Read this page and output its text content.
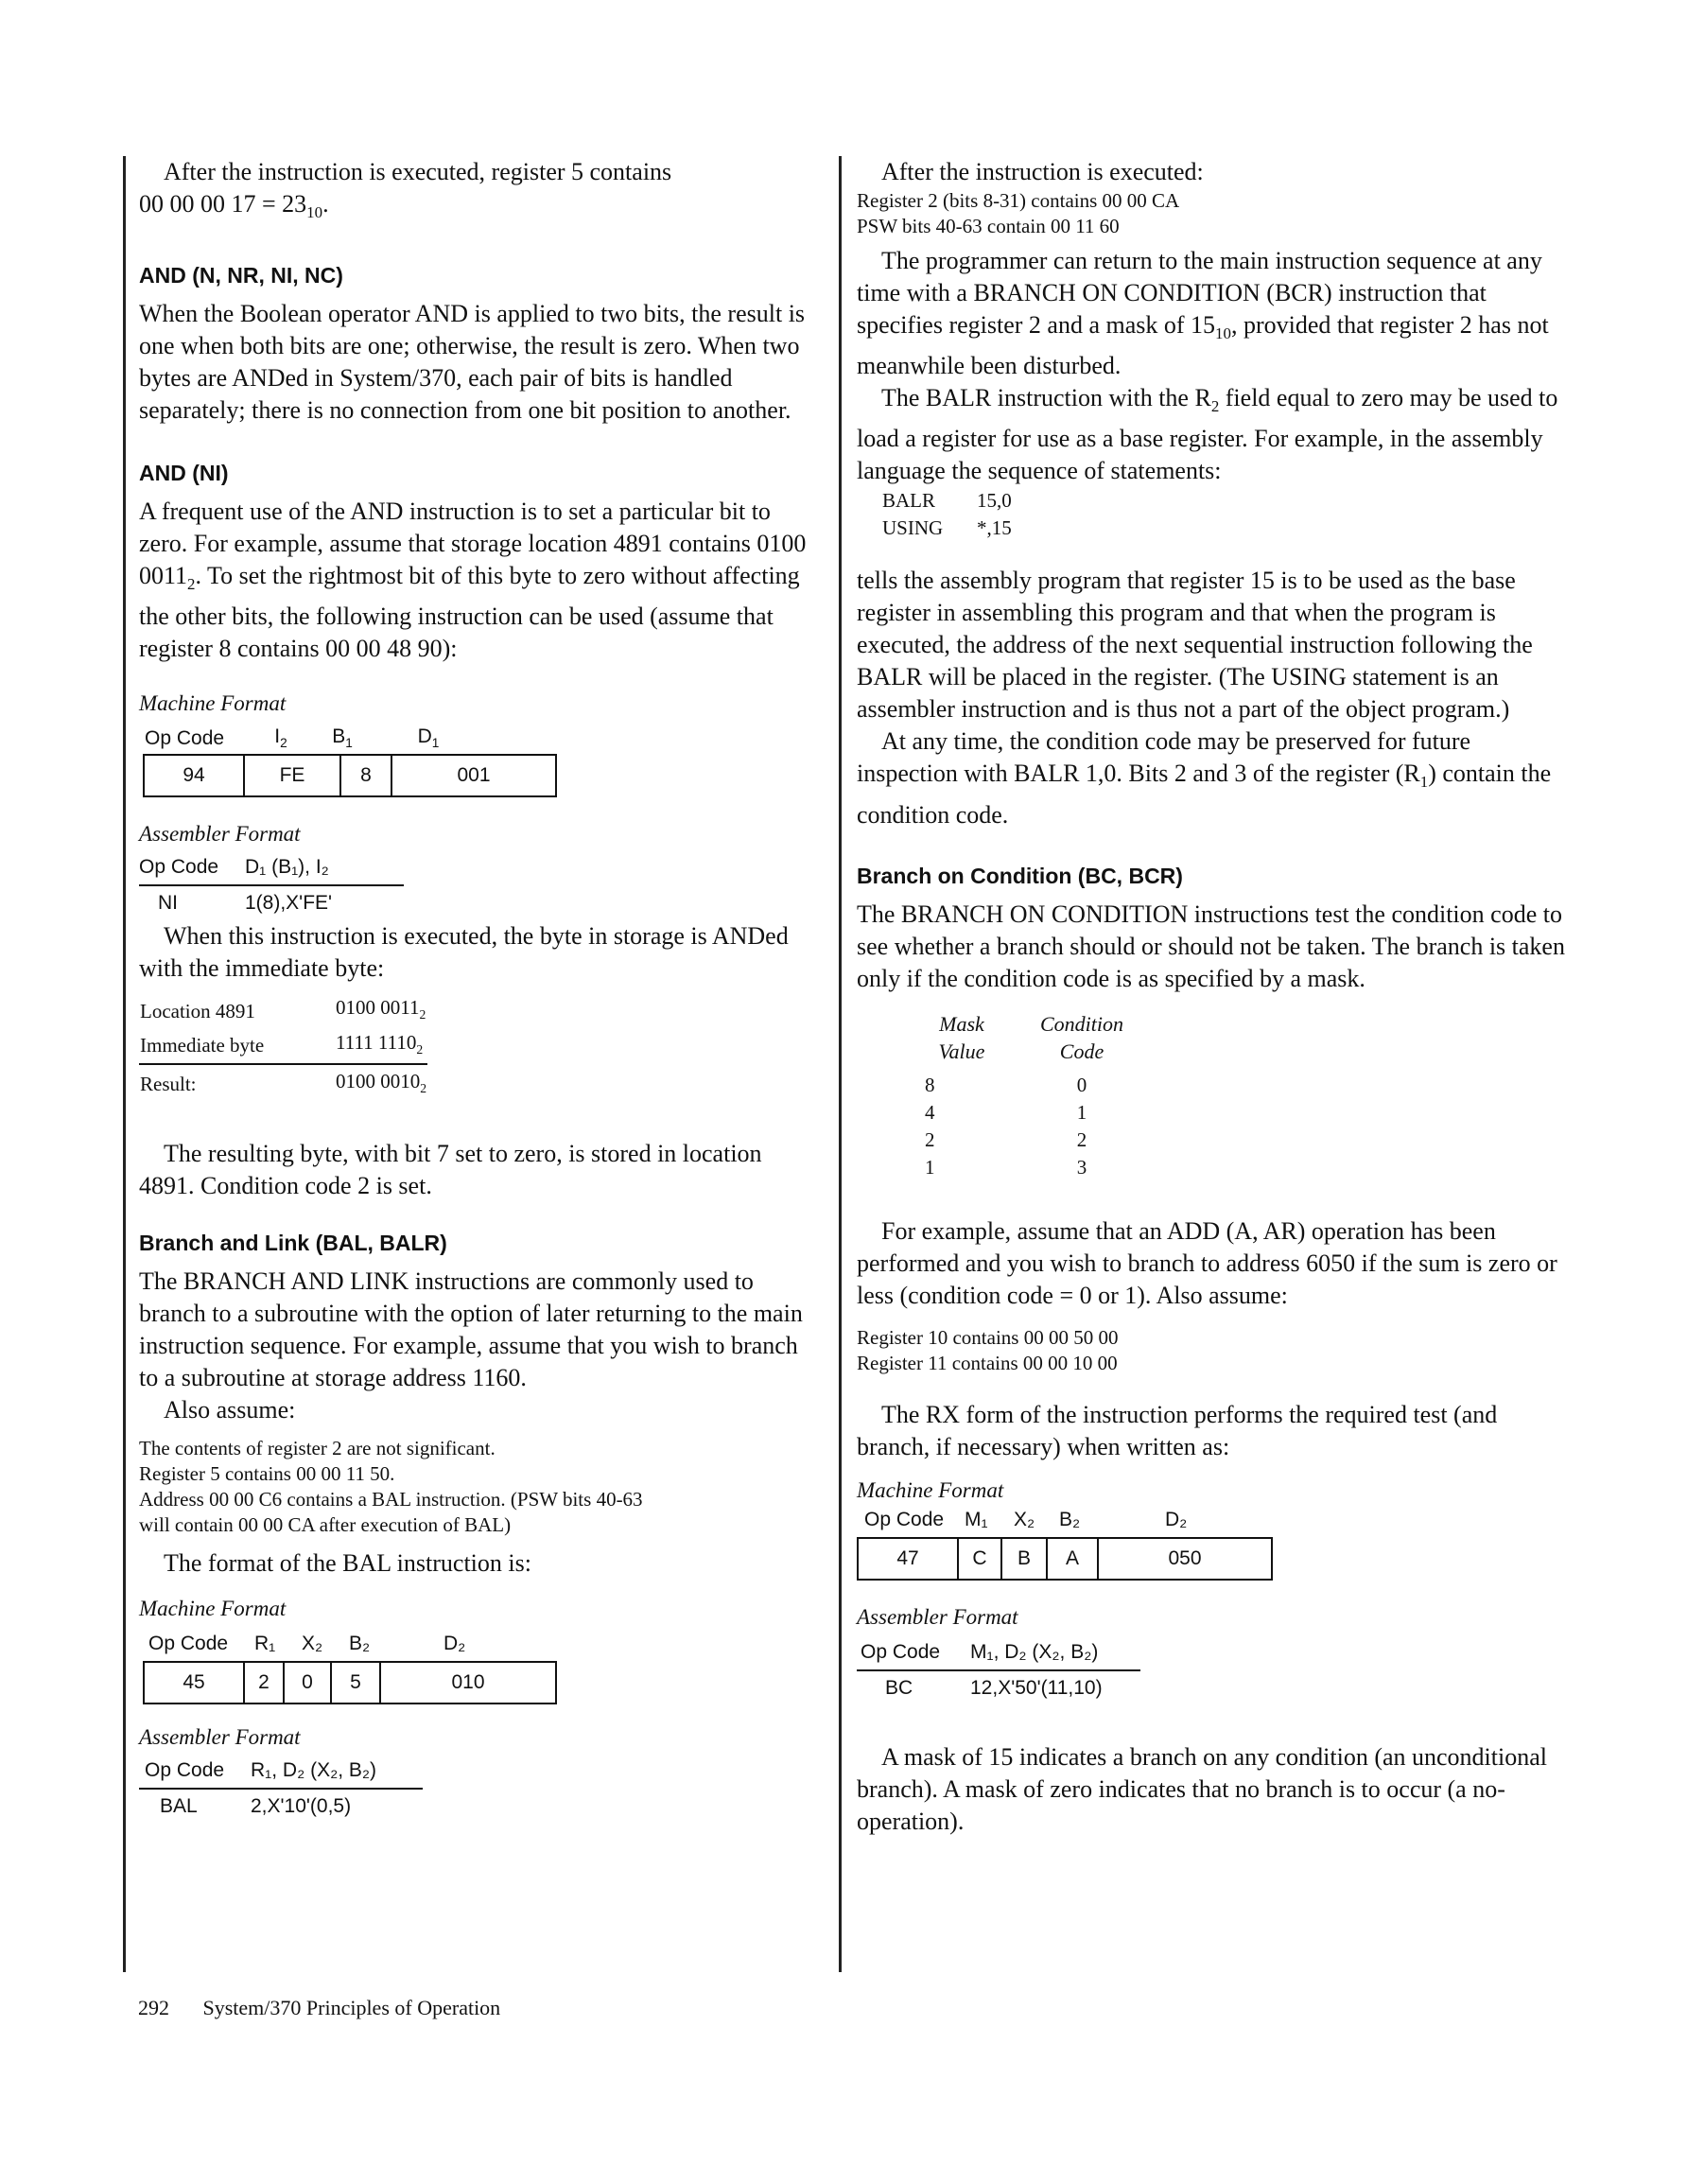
After the instruction is executed, register 5 contains

00 00 00 $17 = 23_{10}$.

AND (N, NR, NI, NC)

When the Boolean operator AND is applied to two bits, the result is one when both bits are one; otherwise, the result is zero. When two bytes are ANDed in System/370, each pair of bits is handled separately; there is no connection from one bit position to another.

AND (NI)

A frequent use of the AND instruction is to set a particular bit to zero. For example, assume that storage location 4891 contains 0100 $0011_2$. To set the rightmost bit of this byte to zero without affecting the other bits, the following instruction can be used (assume that register 8 contains 00 00 48 90):

Machine Format

Op Code	$I_2$	$B_1$	$D_1$
94	FE	8	001

Assembler Format

Op Code	D₁ (B₁), I₂
NI	1(8),X'FE'

When this instruction is executed, the byte in storage is ANDed with the immediate byte:

Location 4891	0100 $0011_2$
Immediate byte	1111 $1110_2$
Result:	0100 $0010_2$

The resulting byte, with bit 7 set to zero, is stored in location 4891. Condition code 2 is set.

Branch and Link (BAL, BALR)

The BRANCH AND LINK instructions are commonly used to branch to a subroutine with the option of later returning to the main instruction sequence. For example, assume that you wish to branch to a subroutine at storage address 1160.

Also assume:

The contents of register 2 are not significant.

Register 5 contains 00 00 11 50.

Address 00 00 C6 contains a BAL instruction. (PSW bits 40-63

will contain 00 00 CA after execution of BAL)

The format of the BAL instruction is:

Machine Format

Op Code	R₁	X₂	B₂	D₂
45	2	0	5	010

Assembler Format

Op Code	R₁, D₂ (X₂, B₂)
BAL	2,X'10'(0,5)

After the instruction is executed:

Register 2 (bits 8-31) contains 00 00 CA

PSW bits 40-63 contain 00 11 60

The programmer can return to the main instruction sequence at any time with a BRANCH ON CONDITION (BCR) instruction that specifies register 2 and a mask of $15_{10}$, provided that register 2 has not meanwhile been disturbed.

The BALR instruction with the $R_2$ field equal to zero may be used to load a register for use as a base register. For example, in the assembly language the sequence of statements:

BALR	15,0
USING	*,15

tells the assembly program that register 15 is to be used as the base register in assembling this program and that when the program is executed, the address of the next sequential instruction following the BALR will be placed in the register. (The USING statement is an assembler instruction and is thus not a part of the object program.)

At any time, the condition code may be preserved for future inspection with BALR 1,0. Bits 2 and 3 of the register $(R_1)$ contain the condition code.

Branch on Condition (BC, BCR)

The BRANCH ON CONDITION instructions test the condition code to see whether a branch should or should not be taken. The branch is taken only if the condition code is as specified by a mask.

Mask	Condition
Value	Code
8	0
4	1
2	2
1	3

For example, assume that an ADD (A, AR) operation has been performed and you wish to branch to address 6050 if the sum is zero or less (condition code = 0 or 1). Also assume:

Register 10 contains 00 00 50 00

Register 11 contains 00 00 10 00

The RX form of the instruction performs the required test (and branch, if necessary) when written as:

Machine Format

Op Code	M₁	X₂	B₂	D₂
47	C	B	A	050

Assembler Format

Op Code	M₁, D₂ (X₂, B₂)
BC	12,X'50'(11,10)

A mask of 15 indicates a branch on any condition (an unconditional branch). A mask of zero indicates that no branch is to occur (a no-operation).

292 System/370 Principles of Operation
